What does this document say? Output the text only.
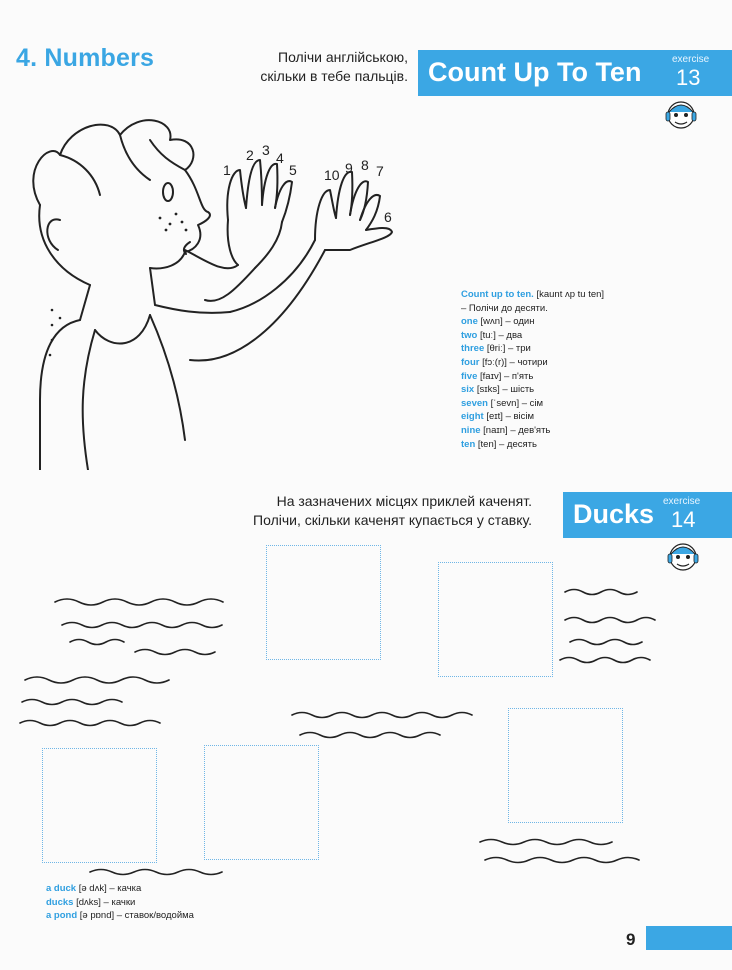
4. Numbers	Полічи англійською,
скільки в тебе пальців. Count Up To Ten	exercise
13
1
2 3 4
5
6
7
8
9
10
Count up to ten. [kaunt ʌp tu ten]
– Полічи до десяти.
one [wʌn] – один
two [tuː] – два
three [θriː] – три
four [fɔː(r)] – чотири
five [faɪv] – п'ять
six [sɪks] – шість
seven [ˈsevn] – сім
eight [eɪt] – вісім
nine [naɪn] – дев'ять
ten [ten] – десять
На зазначених місцях приклей каченят.
Полічи, скільки каченят купається у ставку. Ducks exercise
14
a duck [ə dʌk] – качка
ducks [dʌks] – качки
a pond [ə pɒnd] – ставок/водойма
9
